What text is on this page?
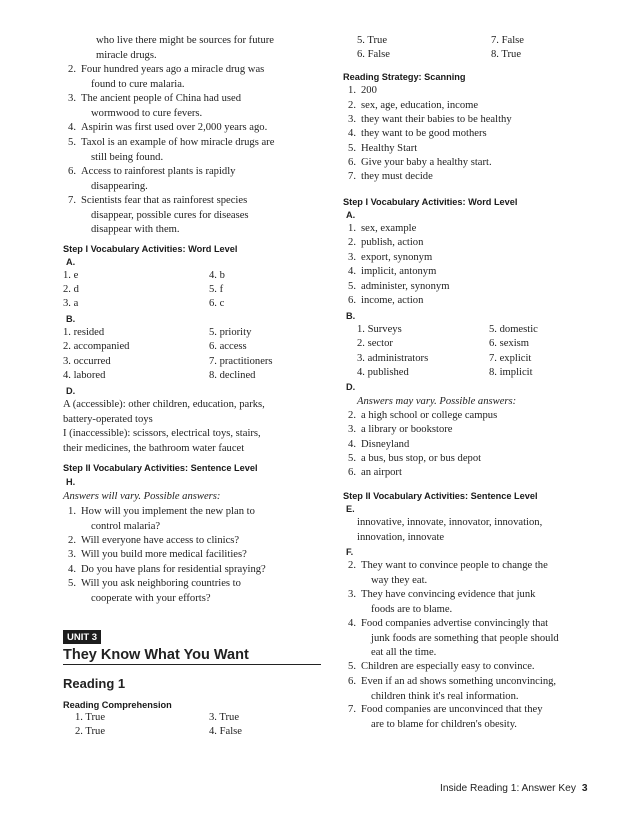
who live there might be sources for future
miracle drugs.
2. Four hundred years ago a miracle drug was
found to cure malaria.
3. The ancient people of China had used
wormwood to cure fevers.
4. Aspirin was first used over 2,000 years ago.
5. Taxol is an example of how miracle drugs are
still being found.
6. Access to rainforest plants is rapidly
disappearing.
7. Scientists fear that as rainforest species
disappear, possible cures for diseases
disappear with them.
Step I Vocabulary Activities: Word Level
A.
1. e	4. b
2. d	5. f
3. a	6. c
B.
1. resided	5. priority
2. accompanied	6. access
3. occurred	7. practitioners
4. labored	8. declined
D.
A (accessible): other children, education, parks,
battery-operated toys
I (inaccessible): scissors, electrical toys, stairs,
their medicines, the bathroom water faucet
Step II Vocabulary Activities: Sentence Level
H.
Answers will vary. Possible answers:
1. How will you implement the new plan to
control malaria?
2. Will everyone have access to clinics?
3. Will you build more medical facilities?
4. Do you have plans for residential spraying?
5. Will you ask neighboring countries to
cooperate with your efforts?
Reading Comprehension
1. True	3. True
2. True	4. False
UNIT 3
They Know What You Want
Reading 1
5. True	7. False
6. False	8. True
Reading Strategy: Scanning
1. 200
2. sex, age, education, income
3. they want their babies to be healthy
4. they want to be good mothers
5. Healthy Start
6. Give your baby a healthy start.
7. they must decide
Step I Vocabulary Activities: Word Level
A.
1. sex, example
2. publish, action
3. export, synonym
4. implicit, antonym
5. administer, synonym
6. income, action
B.
1. Surveys	5. domestic
2. sector	6. sexism
3. administrators	7. explicit
4. published	8. implicit
D.
Answers may vary. Possible answers:
2. a high school or college campus
3. a library or bookstore
4. Disneyland
5. a bus, bus stop, or bus depot
6. an airport
Step II Vocabulary Activities: Sentence Level
E.
innovative, innovate, innovator, innovation,
innovation, innovate
F.
2. They want to convince people to change the
way they eat.
3. They have convincing evidence that junk
foods are to blame.
4. Food companies advertise convincingly that
junk foods are something that people should
eat all the time.
5. Children are especially easy to convince.
6. Even if an ad shows something unconvincing,
children think it's real information.
7. Food companies are unconvinced that they
are to blame for children's obesity.
Inside Reading 1: Answer Key 3
